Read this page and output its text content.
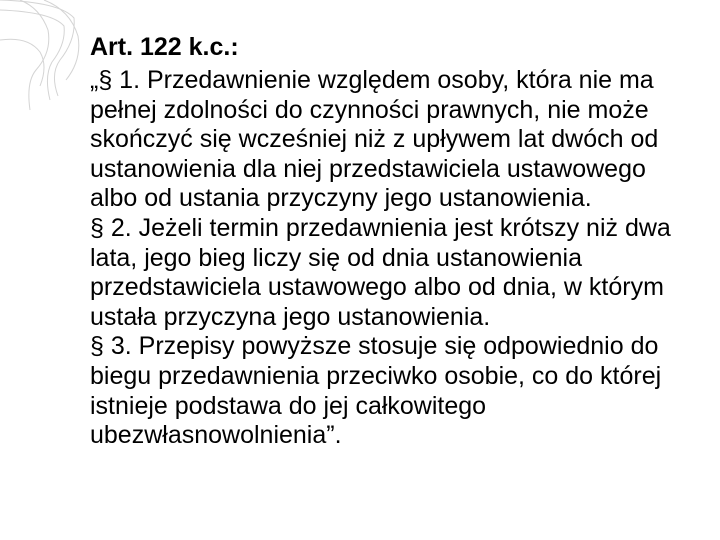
Art. 122 k.c.:

„§ 1. Przedawnienie względem osoby, która nie ma pełnej zdolności do czynności prawnych, nie może skończyć się wcześniej niż z upływem lat dwóch od ustanowienia dla niej przedstawiciela ustawowego albo od ustania przyczyny jego ustanowienia.

§ 2. Jeżeli termin przedawnienia jest krótszy niż dwa lata, jego bieg liczy się od dnia ustanowienia przedstawiciela ustawowego albo od dnia, w którym ustała przyczyna jego ustanowienia.

§ 3. Przepisy powyższe stosuje się odpowiednio do biegu przedawnienia przeciwko osobie, co do której istnieje podstawa do jej całkowitego ubezwłasnowolnienia”.
